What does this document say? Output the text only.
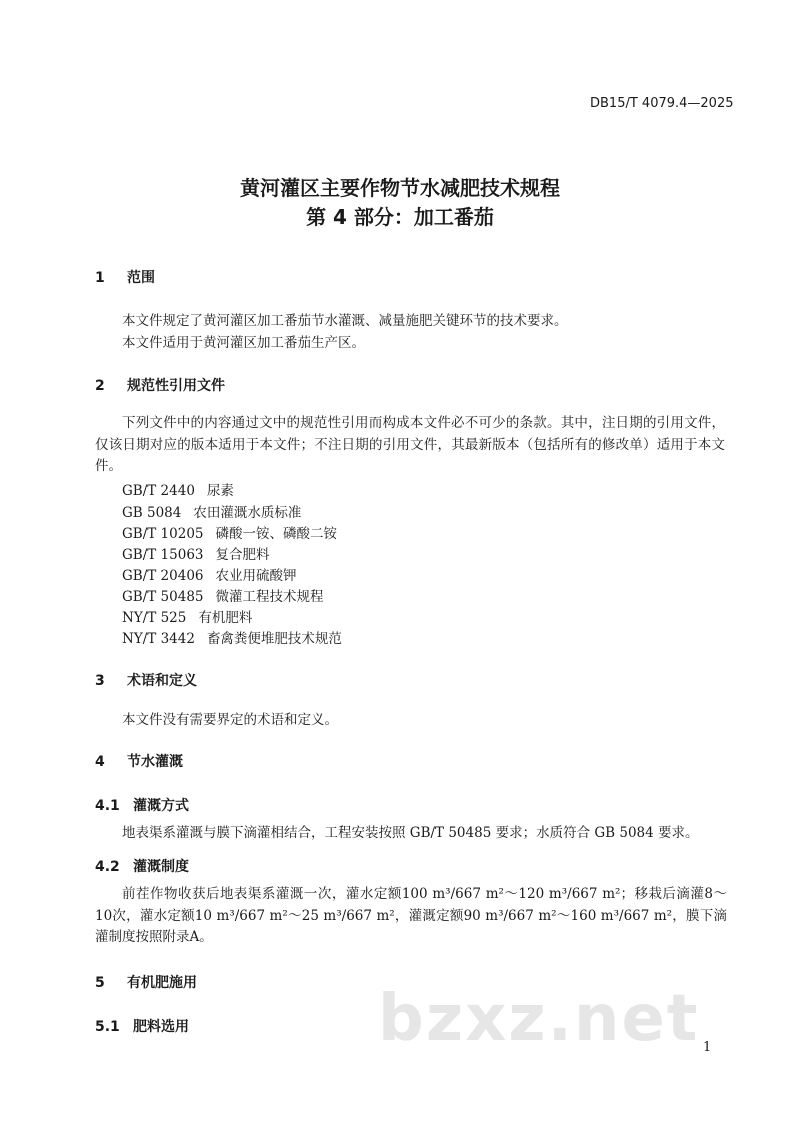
DB15/T 4079.4—2025
黄河灌区主要作物节水减肥技术规程
第 4 部分：加工番茄
1 范围
本文件规定了黄河灌区加工番茄节水灌溉、减量施肥关键环节的技术要求。
本文件适用于黄河灌区加工番茄生产区。
2 规范性引用文件
下列文件中的内容通过文中的规范性引用而构成本文件必不可少的条款。其中，注日期的引用文件，仅该日期对应的版本适用于本文件；不注日期的引用文件，其最新版本（包括所有的修改单）适用于本文件。
GB/T 2440 尿素
GB 5084 农田灌溉水质标准
GB/T 10205 磷酸一铵、磷酸二铵
GB/T 15063 复合肥料
GB/T 20406 农业用硫酸钾
GB/T 50485 微灌工程技术规程
NY/T 525 有机肥料
NY/T 3442 畜禽粪便堆肥技术规范
3 术语和定义
本文件没有需要界定的术语和定义。
4 节水灌溉
4.1 灌溉方式
地表渠系灌溉与膜下滴灌相结合，工程安装按照 GB/T 50485 要求；水质符合 GB 5084 要求。
4.2 灌溉制度
前茬作物收获后地表渠系灌溉一次，灌水定额100 m³/667 m²～120 m³/667 m²；移栽后滴灌8～10次，灌水定额10 m³/667 m²～25 m³/667 m²，灌溉定额90 m³/667 m²～160 m³/667 m²，膜下滴灌制度按照附录A。
5 有机肥施用	bzxz.net
5.1 肥料选用
1
